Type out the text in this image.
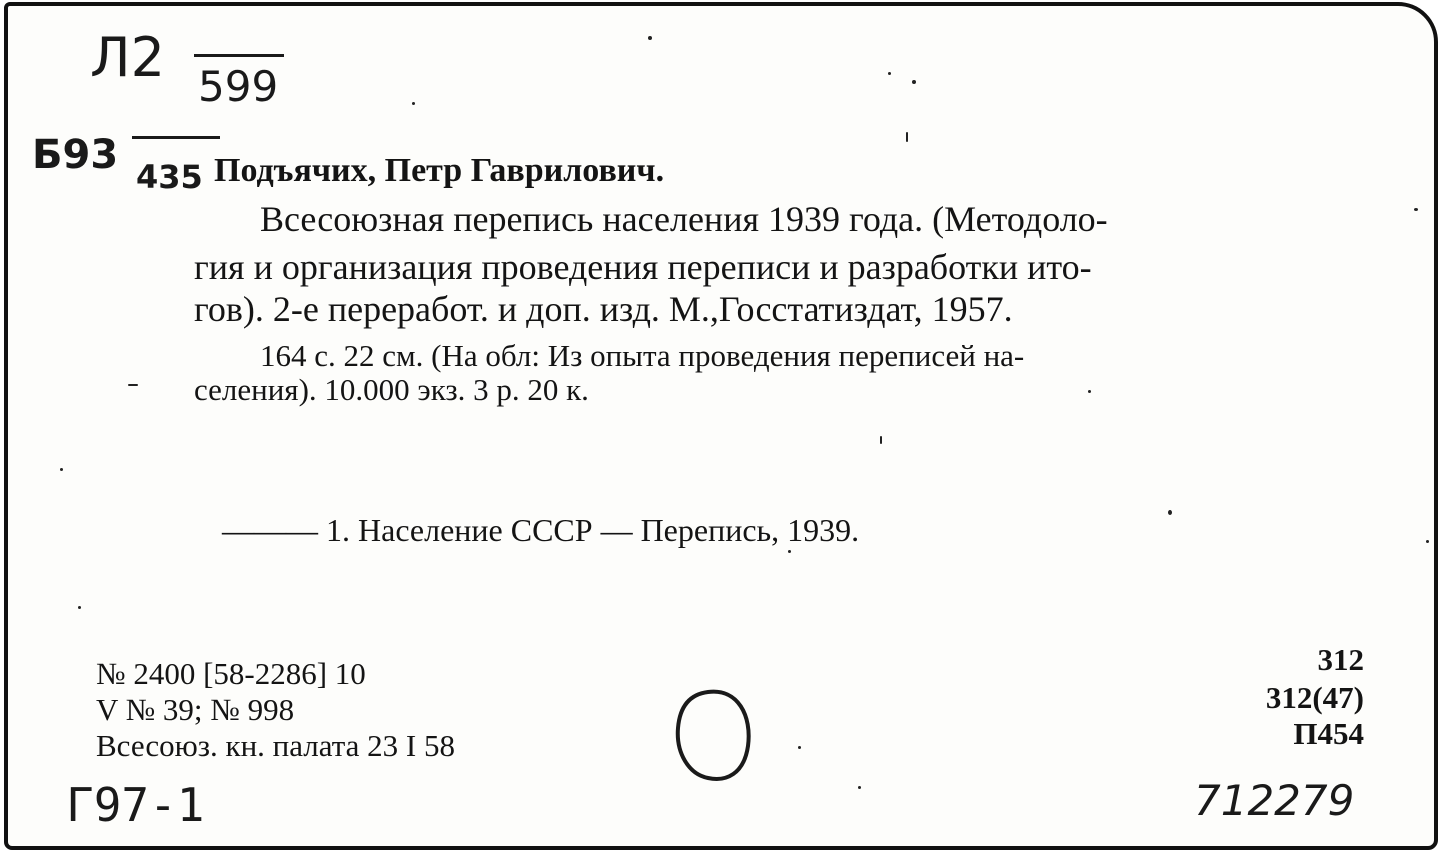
Л2 599
Б93 435 Подъячих, Петр Гаврилович.
Всесоюзная перепись населения 1939 года. (Методоло-
гия и организация проведения переписи и разработки ито-
гов). 2-е переработ. и доп. изд. М.,Госстатиздат, 1957.
164 с. 22 см. (На обл: Из опыта проведения переписей на-
селения). 10.000 экз. 3 р. 20 к.
——— 1. Население СССР — Перепись, 1939.
№ 2400 [58-2286] 10
V № 39; № 998
Всесоюз. кн. палата 23 I 58
312
312(47)
П454
Г97-1	712279
